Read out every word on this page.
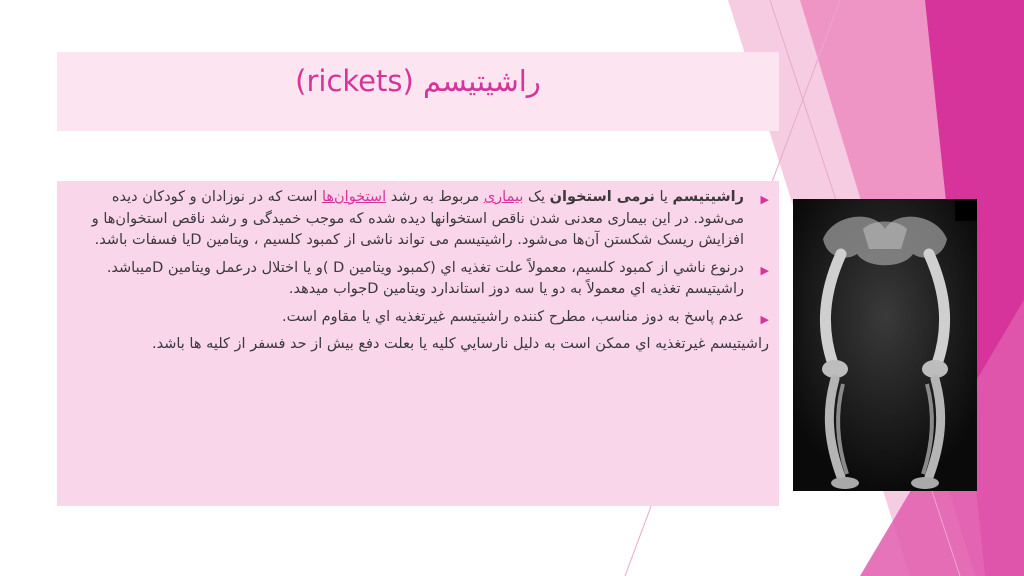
راشیتیسم (rickets)
▶
راشیتیسم یا نرمی استخوان یک بیماری مربوط به رشد استخوان‌ها است که در نوزادان و کودکان دیده می‌شود. در این بیماری معدنی شدن ناقص استخوانها دیده شده که موجب خمیدگی و رشد ناقص استخوان‌ها و افزایش ریسک شکستن آن‌ها می‌شود. راشیتیسم می تواند ناشی از کمبود کلسیم ، ویتامین Dیا فسفات باشد.
▶
درنوع ناشي از کمبود کلسيم، معمولاً علت تغذيه اي (کمبود ویتامین D )و یا اختلال درعمل ویتامین Dمیباشد. راشیتیسم تغذیه اي معمولاً به دو يا سه دوز استاندارد ویتامین Dجواب میدهد.
▶
عدم پاسخ به دوز مناسب، مطرح کننده راشیتیسم غیرتغذیه اي یا مقاوم است.
راشیتیسم غیرتغذیه اي ممکن است به دلیل نارسايي کلیه یا بعلت دفع بیش از حد فسفر از کلیه ها باشد.
